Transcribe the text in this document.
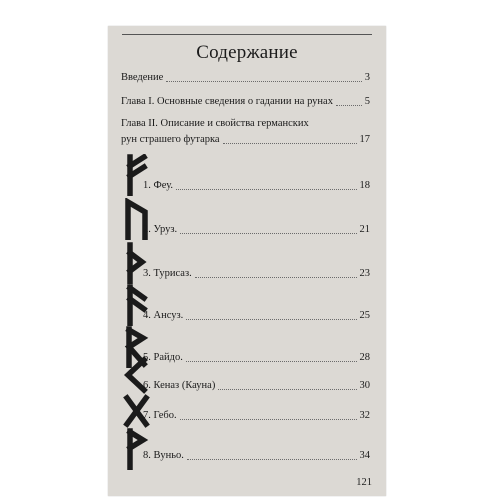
Содержание
Введение	3
Глава I. Основные сведения о гадании на рунах	5
Глава II. Описание и свойства германских
рун страшего футарка	17
1. Феу.	18
2. Уруз.	21
3. Турисаз.	23
4. Ансуз.	25
5. Райдо.	28
6. Кеназ (Кауна)	30
7. Гебо.	32
8. Вуньо.	34
121
